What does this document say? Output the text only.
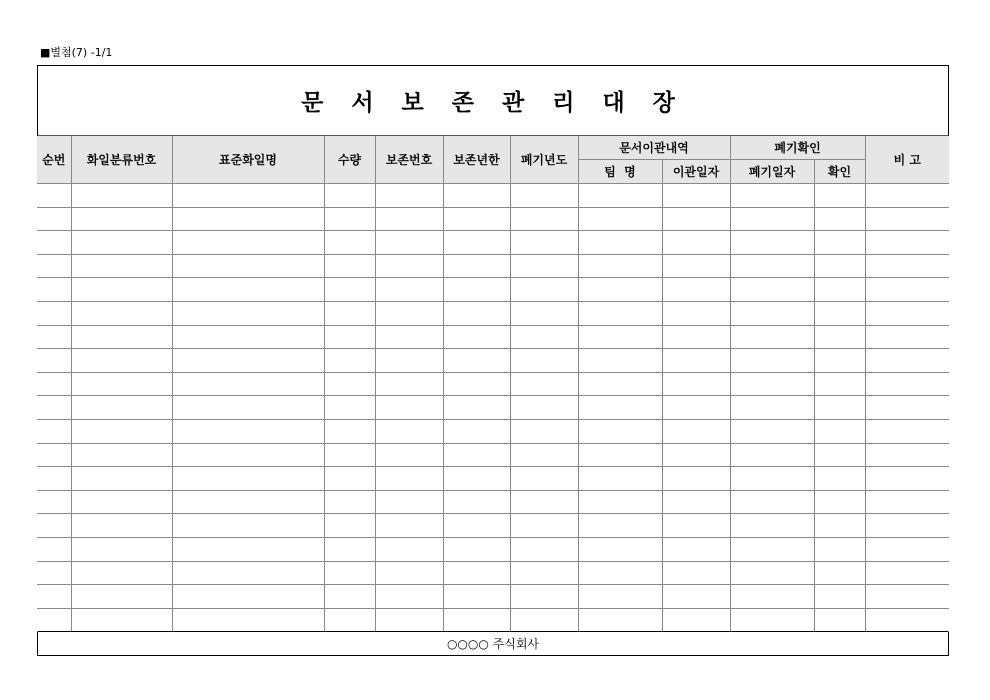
■별첨(7) -1/1
문 서 보 존 관 리 대 장
순번	화일분류번호	표준화일명	수량	보존번호	보존년한	폐기년도	문서이관내역		폐기확인		비 고
							팀  명	이관일자	폐기일자	확인	

○○○○ 주식회사
